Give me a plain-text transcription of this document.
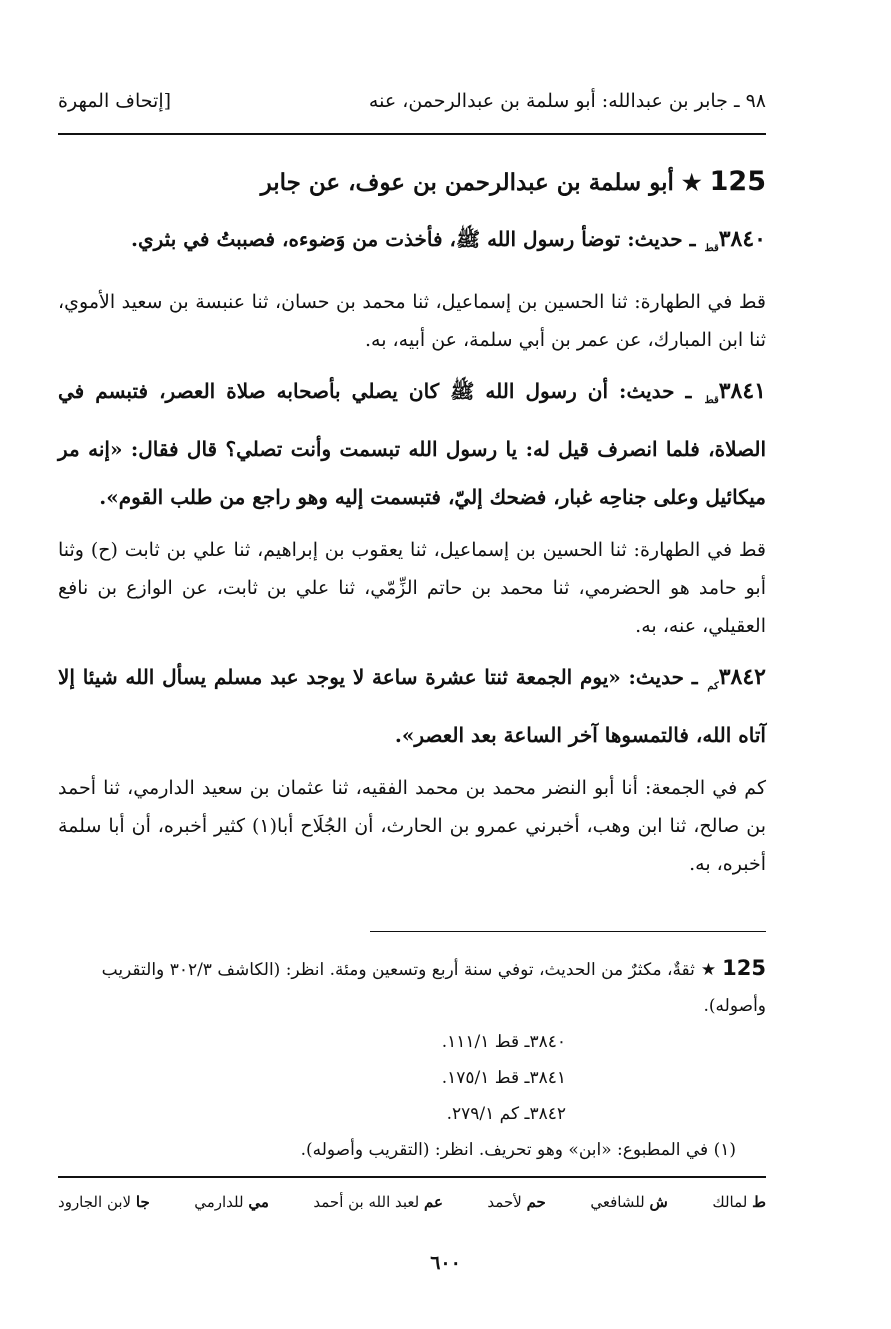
٩٨ ـ جابر بن عبدالله: أبو سلمة بن عبدالرحمن، عنه
[إتحاف المهرة
125★أبو سلمة بن عبدالرحمن بن عوف، عن جابر

$٣٨٤٠_{قط}$ ـ حديث: توضأ رسول الله ﷺ، فأخذت من وَضوءه، فصببتُ في بثري.

قط في الطهارة: ثنا الحسين بن إسماعيل، ثنا محمد بن حسان، ثنا عنبسة بن سعيد الأموي، ثنا ابن المبارك، عن عمر بن أبي سلمة، عن أبيه، به.

$٣٨٤١_{قط}$ ـ حديث: أن رسول الله ﷺ كان يصلي بأصحابه صلاة العصر، فتبسم في الصلاة، فلما انصرف قيل له: يا رسول الله تبسمت وأنت تصلي؟ قال فقال: «إنه مر ميكائيل وعلى جناحِه غبار، فضحك إليّ، فتبسمت إليه وهو راجع من طلب القوم».

قط في الطهارة: ثنا الحسين بن إسماعيل، ثنا يعقوب بن إبراهيم، ثنا علي بن ثابت (ح) وثنا أبو حامد هو الحضرمي، ثنا محمد بن حاتم الزِّمّي، ثنا علي بن ثابت، عن الوازع بن نافع العقيلي، عنه، به.

$٣٨٤٢_{كم}$ ـ حديث: «يوم الجمعة ثنتا عشرة ساعة لا يوجد عبد مسلم يسأل الله شيئا إلا آتاه الله، فالتمسوها آخر الساعة بعد العصر».

كم في الجمعة: أنا أبو النضر محمد بن محمد الفقيه، ثنا عثمان بن سعيد الدارمي، ثنا أحمد بن صالح، ثنا ابن وهب، أخبرني عمرو بن الحارث، أن الجُلَاح أبا(١) كثير أخبره، أن أبا سلمة أخبره، به.

125★ثقةٌ، مكثرٌ من الحديث، توفي سنة أربع وتسعين ومئة. انظر: (الكاشف ٣٠٢/٣ والتقريب وأصوله).
٣٨٤٠ـ قط ١١١/١.
٣٨٤١ـ قط ١٧٥/١.
٣٨٤٢ـ كم ٢٧٩/١.
(١) في المطبوع: «ابن» وهو تحريف. انظر: (التقريب وأصوله).
ط لمالك
ش للشافعي
حم لأحمد
عم لعبد الله بن أحمد
مي للدارمي
جا لابن الجارود
٦٠٠
